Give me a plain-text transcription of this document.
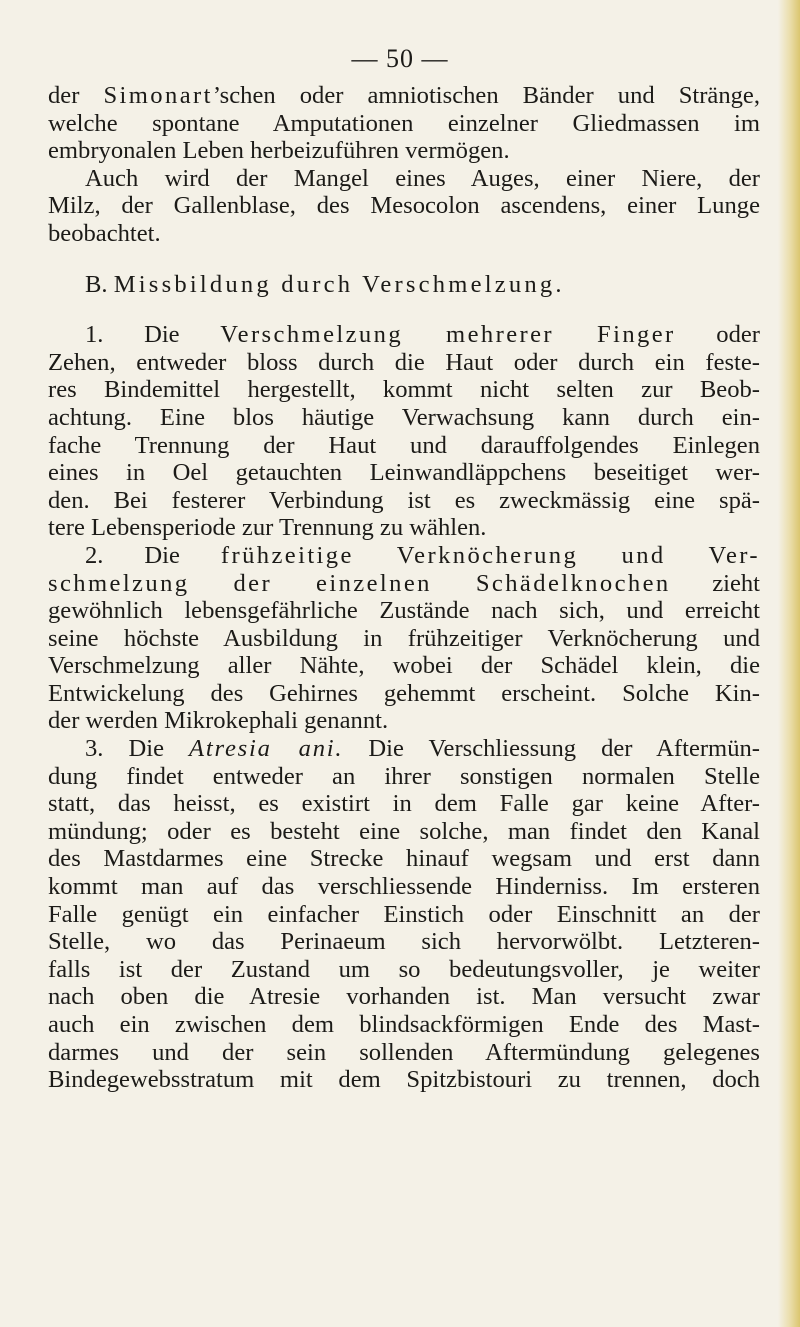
— 50 —
der Simonart’schen oder amniotischen Bänder und Stränge,
welche spontane Amputationen einzelner Gliedmassen im
embryonalen Leben herbeizuführen vermögen.
Auch wird der Mangel eines Auges, einer Niere, der
Milz, der Gallenblase, des Mesocolon ascendens, einer Lunge
beobachtet.
B. Missbildung durch Verschmelzung.
1. Die Verschmelzung mehrerer Finger oder
Zehen, entweder bloss durch die Haut oder durch ein feste-
res Bindemittel hergestellt, kommt nicht selten zur Beob-
achtung. Eine blos häutige Verwachsung kann durch ein-
fache Trennung der Haut und darauffolgendes Einlegen
eines in Oel getauchten Leinwandläppchens beseitiget wer-
den. Bei festerer Verbindung ist es zweckmässig eine spä-
tere Lebensperiode zur Trennung zu wählen.
2. Die frühzeitige Verknöcherung und Ver-
schmelzung der einzelnen Schädelknochen zieht
gewöhnlich lebensgefährliche Zustände nach sich, und erreicht
seine höchste Ausbildung in frühzeitiger Verknöcherung und
Verschmelzung aller Nähte, wobei der Schädel klein, die
Entwickelung des Gehirnes gehemmt erscheint. Solche Kin-
der werden Mikrokephali genannt.
3. Die Atresia ani. Die Verschliessung der Aftermün-
dung findet entweder an ihrer sonstigen normalen Stelle
statt, das heisst, es existirt in dem Falle gar keine After-
mündung; oder es besteht eine solche, man findet den Kanal
des Mastdarmes eine Strecke hinauf wegsam und erst dann
kommt man auf das verschliessende Hinderniss. Im ersteren
Falle genügt ein einfacher Einstich oder Einschnitt an der
Stelle, wo das Perinaeum sich hervorwölbt. Letzteren-
falls ist der Zustand um so bedeutungsvoller, je weiter
nach oben die Atresie vorhanden ist. Man versucht zwar
auch ein zwischen dem blindsackförmigen Ende des Mast-
darmes und der sein sollenden Aftermündung gelegenes
Bindegewebsstratum mit dem Spitzbistouri zu trennen, doch
